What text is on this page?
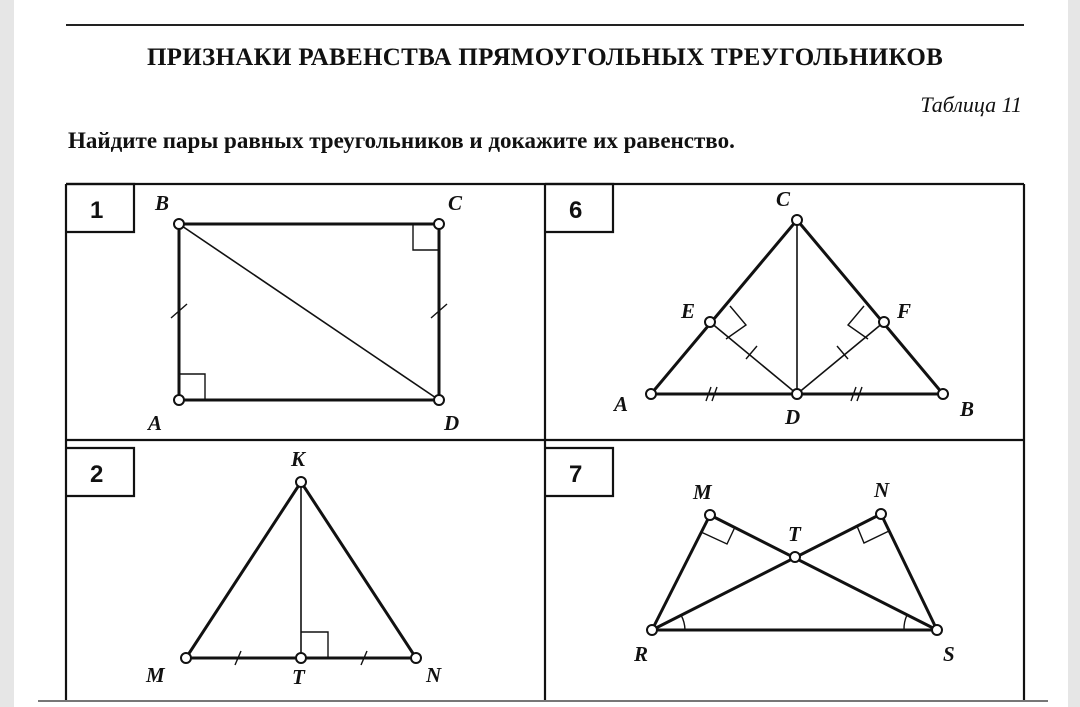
ПРИЗНАКИ РАВЕНСТВА ПРЯМОУГОЛЬНЫХ ТРЕУГОЛЬНИКОВ
Таблица 11
Найдите пары равных треугольников и докажите их равенство.
1 B	C
A	D
6	C
E	F
A
D	B
2
K
M	T	N
7
M	N
T
R	S
